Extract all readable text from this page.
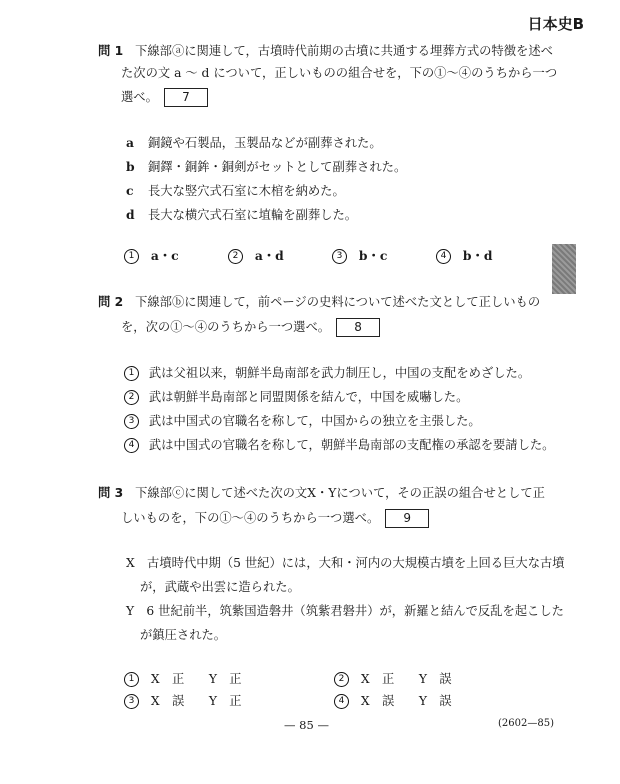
日本史B
問 1 下線部ⓐに関連して，古墳時代前期の古墳に共通する埋葬方式の特徴を述べ
た次の文 a ～ d について，正しいものの組合せを，下の①～④のうちから一つ
選べ。 7
a 銅鏡や石製品，玉製品などが副葬された。
b 銅鐸・銅鉾・銅剣がセットとして副葬された。
c 長大な竪穴式石室に木棺を納めた。
d 長大な横穴式石室に埴輪を副葬した。
1 a・c	2 a・d	3 b・c	4 b・d
問 2 下線部ⓑに関連して，前ページの史料について述べた文として正しいもの
を，次の①～④のうちから一つ選べ。 8
1 武は父祖以来，朝鮮半島南部を武力制圧し，中国の支配をめざした。
2 武は朝鮮半島南部と同盟関係を結んで，中国を威嚇した。
3 武は中国式の官職名を称して，中国からの独立を主張した。
4 武は中国式の官職名を称して，朝鮮半島南部の支配権の承認を要請した。
問 3 下線部ⓒに関して述べた次の文X・Yについて，その正誤の組合せとして正
しいものを，下の①～④のうちから一つ選べ。 9
X　古墳時代中期（5 世紀）には，大和・河内の大規模古墳を上回る巨大な古墳
が，武蔵や出雲に造られた。
Y　6 世紀前半，筑紫国造磐井（筑紫君磐井）が，新羅と結んで反乱を起こした
が鎮圧された。
1 X　正　　Y　正	2 X　正　　Y　誤
3 X　誤　　Y　正	4 X　誤　　Y　誤
— 85 —	(2602—85)
